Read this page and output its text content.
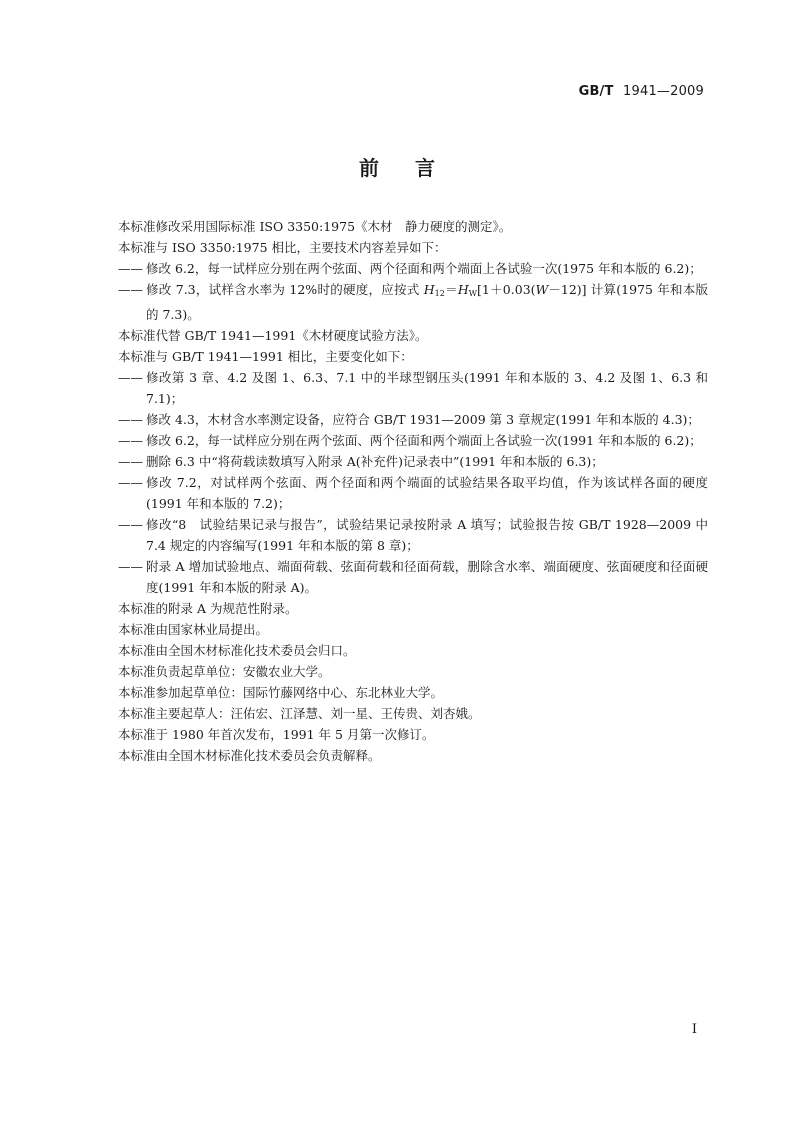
GB/T 1941—2009
前言

本标准修改采用国际标准 ISO 3350:1975《木材　静力硬度的测定》。

本标准与 ISO 3350:1975 相比，主要技术内容差异如下：

—— 修改 6.2，每一试样应分别在两个弦面、两个径面和两个端面上各试验一次(1975 年和本版的 6.2)；

—— 修改 7.3，试样含水率为 12%时的硬度，应按式 $H_{12}=H_W[1+0.03(W-12)]$ 计算(1975 年和本版的 7.3)。

本标准代替 GB/T 1941—1991《木材硬度试验方法》。

本标准与 GB/T 1941—1991 相比，主要变化如下：

—— 修改第 3 章、4.2 及图 1、6.3、7.1 中的半球型钢压头(1991 年和本版的 3、4.2 及图 1、6.3 和 7.1)；

—— 修改 4.3，木材含水率测定设备，应符合 GB/T 1931—2009 第 3 章规定(1991 年和本版的 4.3)；

—— 修改 6.2，每一试样应分别在两个弦面、两个径面和两个端面上各试验一次(1991 年和本版的 6.2)；

—— 删除 6.3 中“将荷载读数填写入附录 A(补充件)记录表中”(1991 年和本版的 6.3)；

—— 修改 7.2，对试样两个弦面、两个径面和两个端面的试验结果各取平均值，作为该试样各面的硬度(1991 年和本版的 7.2)；

—— 修改“8　试验结果记录与报告”，试验结果记录按附录 A 填写；试验报告按 GB/T 1928—2009 中 7.4 规定的内容编写(1991 年和本版的第 8 章)；

—— 附录 A 增加试验地点、端面荷载、弦面荷载和径面荷载，删除含水率、端面硬度、弦面硬度和径面硬度(1991 年和本版的附录 A)。

本标准的附录 A 为规范性附录。

本标准由国家林业局提出。

本标准由全国木材标准化技术委员会归口。

本标准负责起草单位：安徽农业大学。

本标准参加起草单位：国际竹藤网络中心、东北林业大学。

本标准主要起草人：汪佑宏、江泽慧、刘一星、王传贵、刘杏娥。

本标准于 1980 年首次发布，1991 年 5 月第一次修订。

本标准由全国木材标准化技术委员会负责解释。

I
